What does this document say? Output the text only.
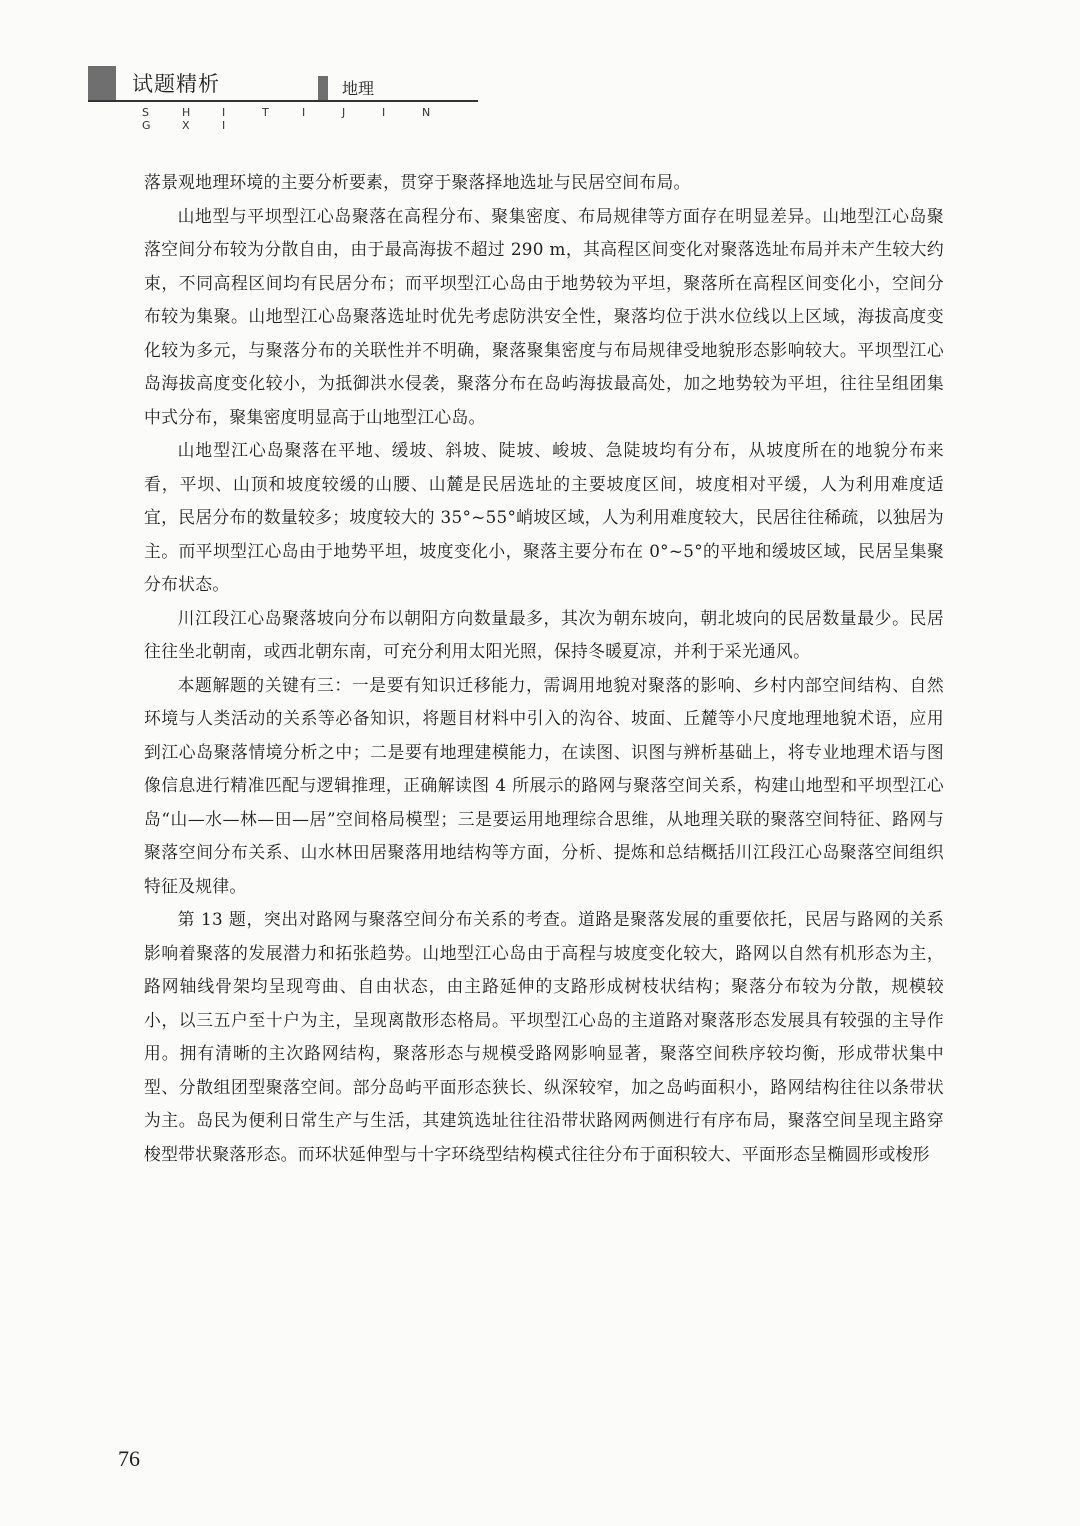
试题精析	地理
S	H	I	T	I	J	I	NG	X	I

落景观地理环境的主要分析要素，贯穿于聚落择地选址与民居空间布局。

山地型与平坝型江心岛聚落在高程分布、聚集密度、布局规律等方面存在明显差异。山地型江心岛聚落空间分布较为分散自由，由于最高海拔不超过 290 m，其高程区间变化对聚落选址布局并未产生较大约束，不同高程区间均有民居分布；而平坝型江心岛由于地势较为平坦，聚落所在高程区间变化小，空间分布较为集聚。山地型江心岛聚落选址时优先考虑防洪安全性，聚落均位于洪水位线以上区域，海拔高度变化较为多元，与聚落分布的关联性并不明确，聚落聚集密度与布局规律受地貌形态影响较大。平坝型江心岛海拔高度变化较小，为抵御洪水侵袭，聚落分布在岛屿海拔最高处，加之地势较为平坦，往往呈组团集中式分布，聚集密度明显高于山地型江心岛。

山地型江心岛聚落在平地、缓坡、斜坡、陡坡、峻坡、急陡坡均有分布，从坡度所在的地貌分布来看，平坝、山顶和坡度较缓的山腰、山麓是民居选址的主要坡度区间，坡度相对平缓，人为利用难度适宜，民居分布的数量较多；坡度较大的 35°~55°峭坡区域，人为利用难度较大，民居往往稀疏，以独居为主。而平坝型江心岛由于地势平坦，坡度变化小，聚落主要分布在 0°~5°的平地和缓坡区域，民居呈集聚分布状态。

川江段江心岛聚落坡向分布以朝阳方向数量最多，其次为朝东坡向，朝北坡向的民居数量最少。民居往往坐北朝南，或西北朝东南，可充分利用太阳光照，保持冬暖夏凉，并利于采光通风。

本题解题的关键有三：一是要有知识迁移能力，需调用地貌对聚落的影响、乡村内部空间结构、自然环境与人类活动的关系等必备知识，将题目材料中引入的沟谷、坡面、丘麓等小尺度地理地貌术语，应用到江心岛聚落情境分析之中；二是要有地理建模能力，在读图、识图与辨析基础上，将专业地理术语与图像信息进行精准匹配与逻辑推理，正确解读图 4 所展示的路网与聚落空间关系，构建山地型和平坝型江心岛“山—水—林—田—居”空间格局模型；三是要运用地理综合思维，从地理关联的聚落空间特征、路网与聚落空间分布关系、山水林田居聚落用地结构等方面，分析、提炼和总结概括川江段江心岛聚落空间组织特征及规律。

第 13 题，突出对路网与聚落空间分布关系的考查。道路是聚落发展的重要依托，民居与路网的关系影响着聚落的发展潜力和拓张趋势。山地型江心岛由于高程与坡度变化较大，路网以自然有机形态为主，路网轴线骨架均呈现弯曲、自由状态，由主路延伸的支路形成树枝状结构；聚落分布较为分散，规模较小，以三五户至十户为主，呈现离散形态格局。平坝型江心岛的主道路对聚落形态发展具有较强的主导作用。拥有清晰的主次路网结构，聚落形态与规模受路网影响显著，聚落空间秩序较均衡，形成带状集中型、分散组团型聚落空间。部分岛屿平面形态狭长、纵深较窄，加之岛屿面积小，路网结构往往以条带状为主。岛民为便利日常生产与生活，其建筑选址往往沿带状路网两侧进行有序布局，聚落空间呈现主路穿梭型带状聚落形态。而环状延伸型与十字环绕型结构模式往往分布于面积较大、平面形态呈椭圆形或梭形

76
